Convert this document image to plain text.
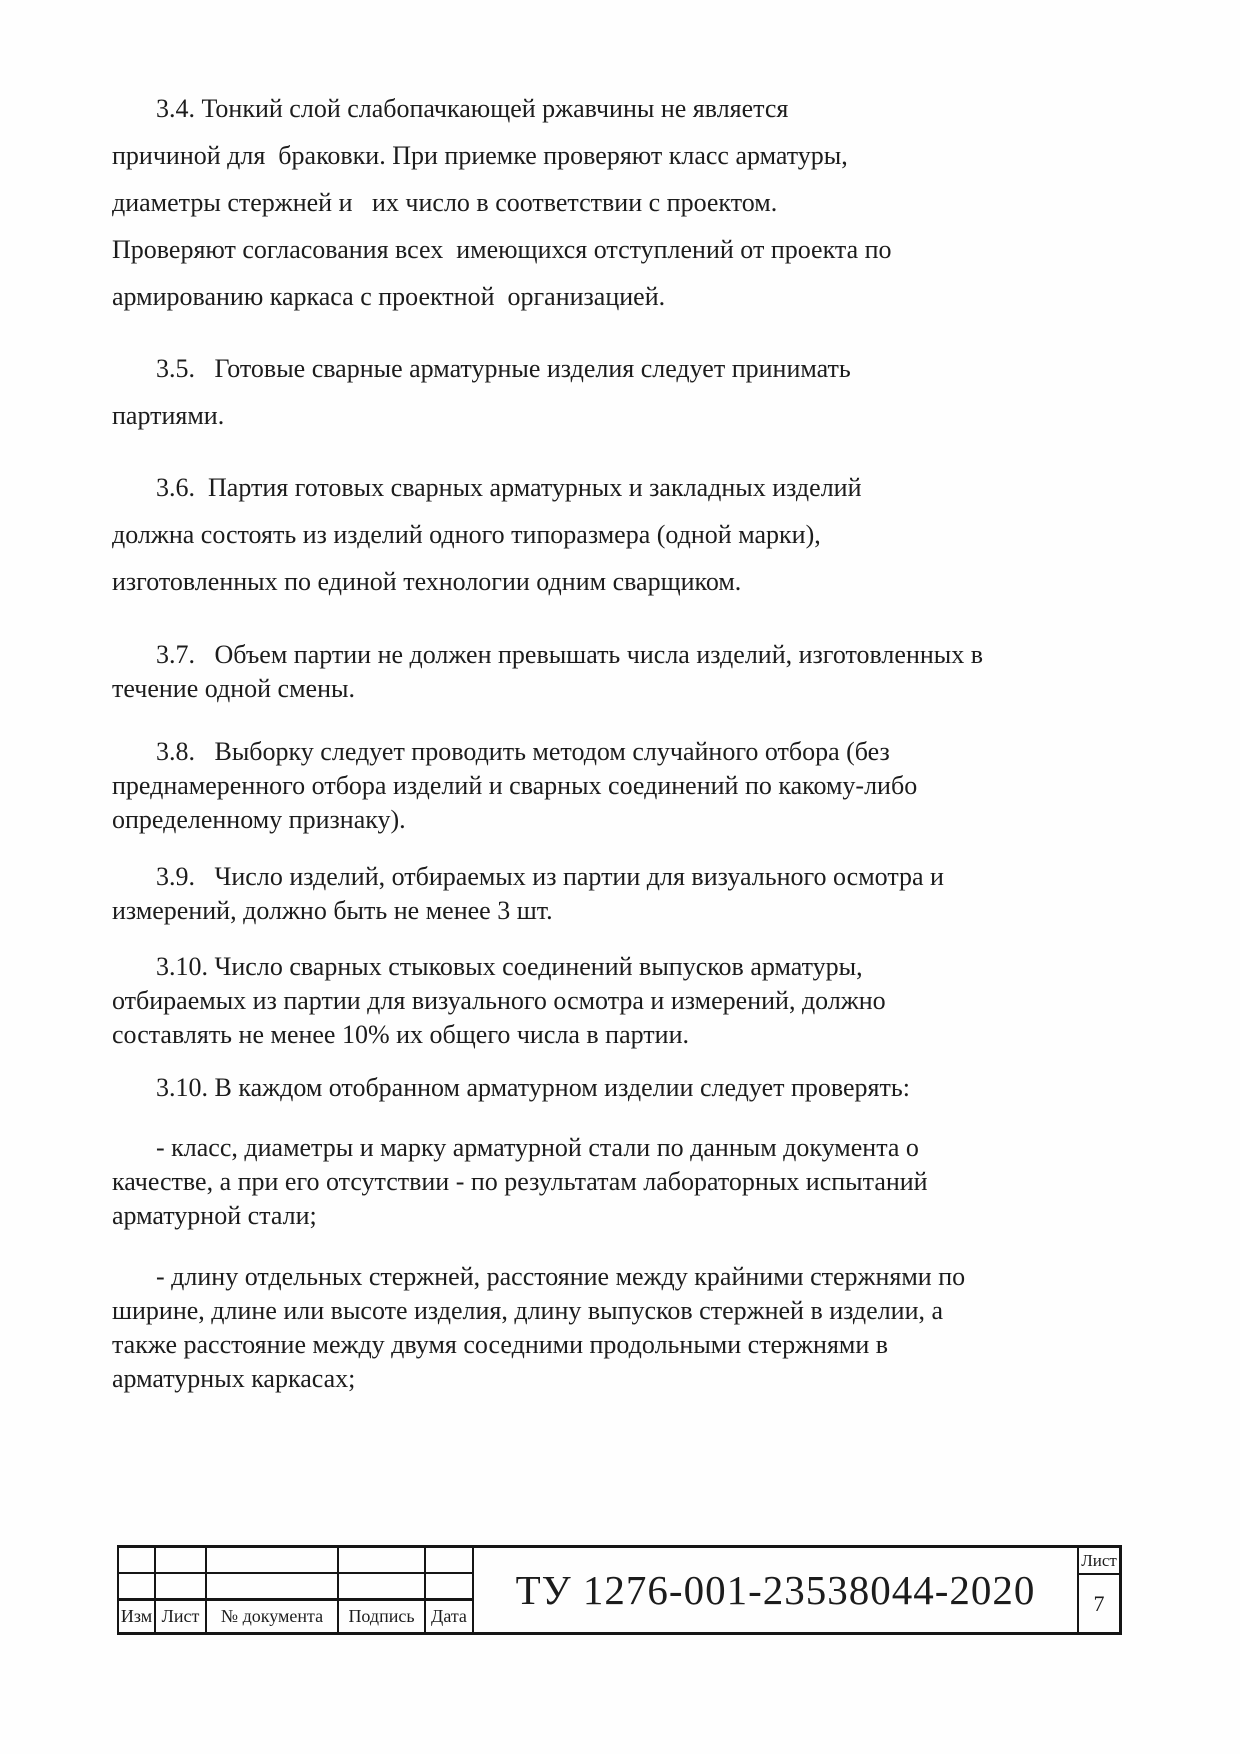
3.4. Тонкий слой слабопачкающей ржавчины не является
причиной для  браковки. При приемке проверяют класс арматуры,
диаметры стержней и   их число в соответствии с проектом.
Проверяют согласования всех  имеющихся отступлений от проекта по
армированию каркаса с проектной  организацией.
3.5.   Готовые сварные арматурные изделия следует принимать
партиями.
3.6.  Партия готовых сварных арматурных и закладных изделий
должна состоять из изделий одного типоразмера (одной марки),
изготовленных по единой технологии одним сварщиком.
3.7.   Объем партии не должен превышать числа изделий, изготовленных в
течение одной смены.
3.8.   Выборку следует проводить методом случайного отбора (без
преднамеренного отбора изделий и сварных соединений по какому-либо
определенному признаку).
3.9.   Число изделий, отбираемых из партии для визуального осмотра и
измерений, должно быть не менее 3 шт.
3.10. Число сварных стыковых соединений выпусков арматуры,
отбираемых из партии для визуального осмотра и измерений, должно
составлять не менее 10% их общего числа в партии.
3.10. В каждом отобранном арматурном изделии следует проверять:
- класс, диаметры и марку арматурной стали по данным документа о
качестве, а при его отсутствии - по результатам лабораторных испытаний
арматурной стали;
- длину отдельных стержней, расстояние между крайними стержнями по
ширине, длине или высоте изделия, длину выпусков стержней в изделии, а
также расстояние между двумя соседними продольными стержнями в
арматурных каркасах;
Изм Лист	№ документа	Подпись Дата
ТУ 1276-001-23538044-2020
Лист
7
